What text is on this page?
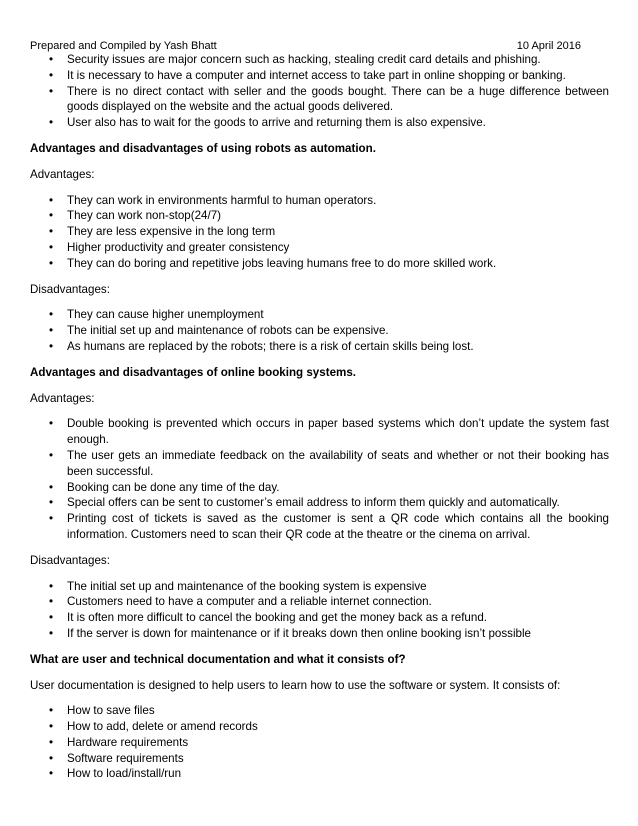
Prepared and Compiled by Yash Bhatt	10 April 2016
• Security issues are major concern such as hacking, stealing credit card details and phishing.
• It is necessary to have a computer and internet access to take part in online shopping or banking.
• There is no direct contact with seller and the goods bought. There can be a huge difference between goods displayed on the website and the actual goods delivered.
• User also has to wait for the goods to arrive and returning them is also expensive.
Advantages and disadvantages of using robots as automation.
Advantages:
• They can work in environments harmful to human operators.
• They can work non-stop(24/7)
• They are less expensive in the long term
• Higher productivity and greater consistency
• They can do boring and repetitive jobs leaving humans free to do more skilled work.
Disadvantages:
• They can cause higher unemployment
• The initial set up and maintenance of robots can be expensive.
• As humans are replaced by the robots; there is a risk of certain skills being lost.
Advantages and disadvantages of online booking systems.
Advantages:
• Double booking is prevented which occurs in paper based systems which don’t update the system fast enough.
• The user gets an immediate feedback on the availability of seats and whether or not their booking has been successful.
• Booking can be done any time of the day.
• Special offers can be sent to customer’s email address to inform them quickly and automatically.
• Printing cost of tickets is saved as the customer is sent a QR code which contains all the booking information. Customers need to scan their QR code at the theatre or the cinema on arrival.
Disadvantages:
• The initial set up and maintenance of the booking system is expensive
• Customers need to have a computer and a reliable internet connection.
• It is often more difficult to cancel the booking and get the money back as a refund.
• If the server is down for maintenance or if it breaks down then online booking isn’t possible
What are user and technical documentation and what it consists of?
User documentation is designed to help users to learn how to use the software or system. It consists of:
• How to save files
• How to add, delete or amend records
• Hardware requirements
• Software requirements
• How to load/install/run
